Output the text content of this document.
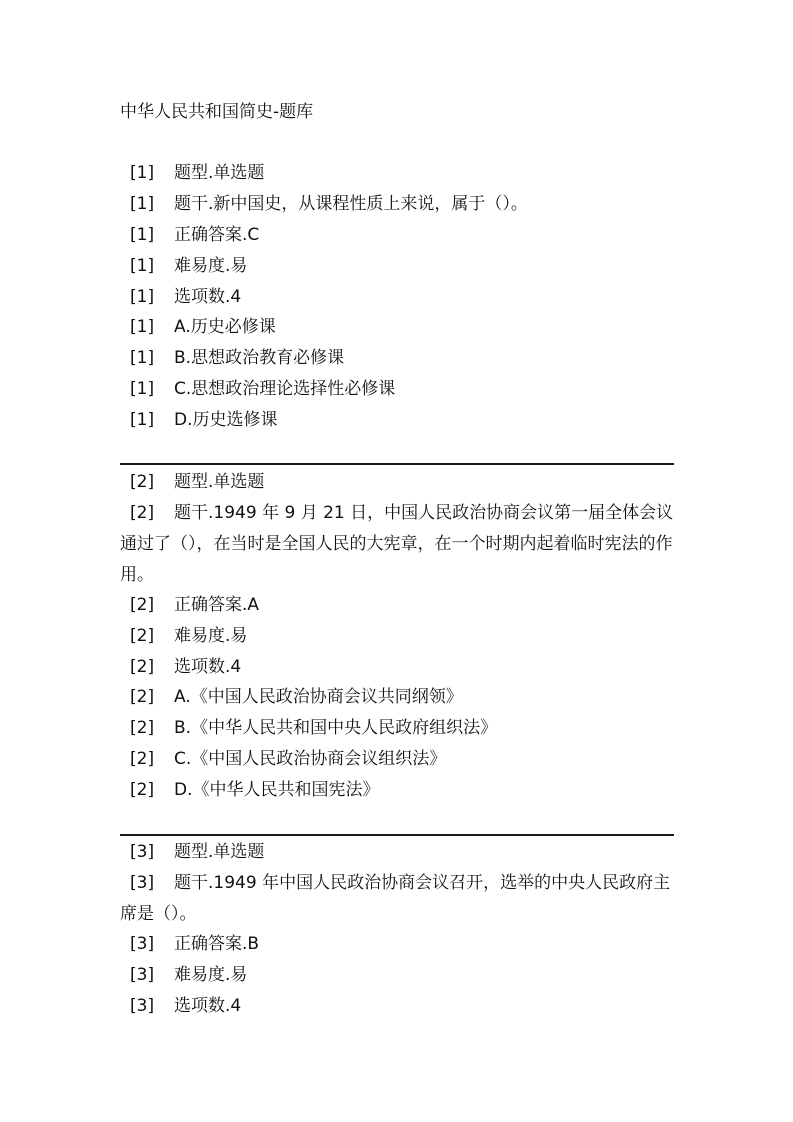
中华人民共和国简史-题库
[1] 题型.单选题
[1] 题干.新中国史，从课程性质上来说，属于（）。
[1] 正确答案.C
[1] 难易度.易
[1] 选项数.4
[1] A.历史必修课
[1] B.思想政治教育必修课
[1] C.思想政治理论选择性必修课
[1] D.历史选修课
[2] 题型.单选题
[2] 题干.1949 年 9 月 21 日，中国人民政治协商会议第一届全体会议通过了（），在当时是全国人民的大宪章，在一个时期内起着临时宪法的作用。
[2] 正确答案.A
[2] 难易度.易
[2] 选项数.4
[2] A.《中国人民政治协商会议共同纲领》
[2] B.《中华人民共和国中央人民政府组织法》
[2] C.《中国人民政治协商会议组织法》
[2] D.《中华人民共和国宪法》
[3] 题型.单选题
[3] 题干.1949 年中国人民政治协商会议召开，选举的中央人民政府主席是（）。
[3] 正确答案.B
[3] 难易度.易
[3] 选项数.4
